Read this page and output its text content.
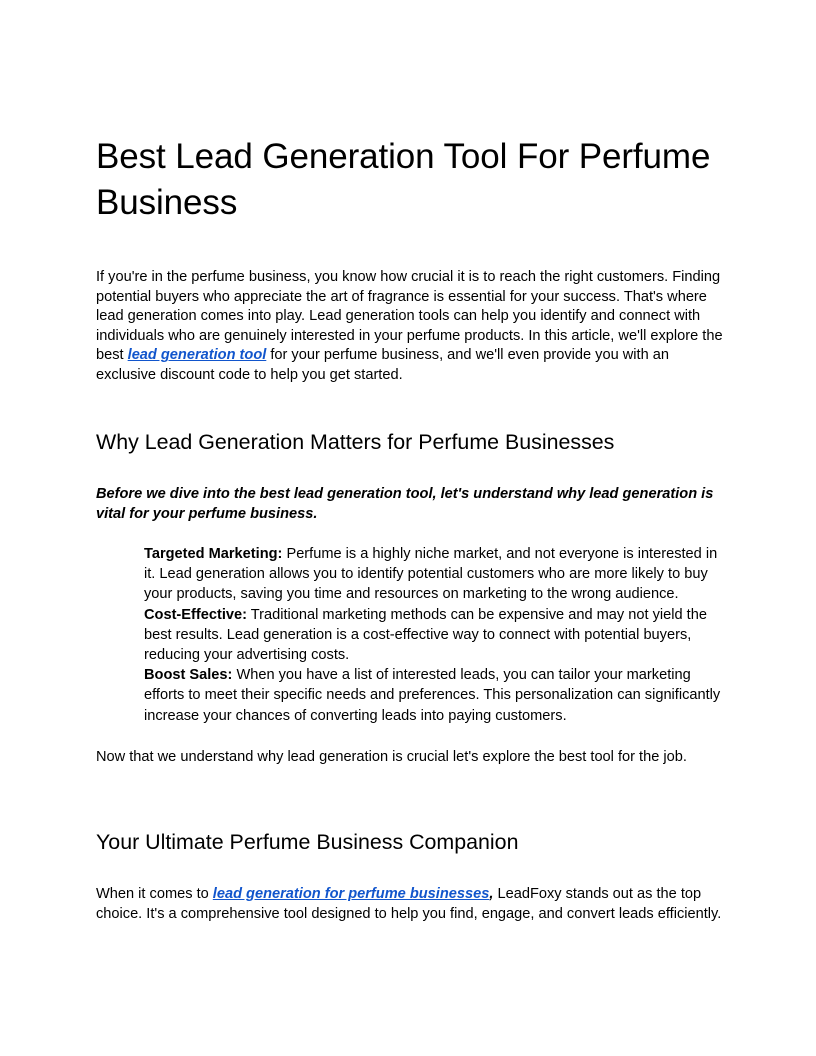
Best Lead Generation Tool For Perfume Business

If you're in the perfume business, you know how crucial it is to reach the right customers. Finding potential buyers who appreciate the art of fragrance is essential for your success. That's where lead generation comes into play. Lead generation tools can help you identify and connect with individuals who are genuinely interested in your perfume products. In this article, we'll explore the best lead generation tool for your perfume business, and we'll even provide you with an exclusive discount code to help you get started.

Why Lead Generation Matters for Perfume Businesses

Before we dive into the best lead generation tool, let's understand why lead generation is vital for your perfume business.

Targeted Marketing: Perfume is a highly niche market, and not everyone is interested in it. Lead generation allows you to identify potential customers who are more likely to buy your products, saving you time and resources on marketing to the wrong audience.
Cost-Effective: Traditional marketing methods can be expensive and may not yield the best results. Lead generation is a cost-effective way to connect with potential buyers, reducing your advertising costs.
Boost Sales: When you have a list of interested leads, you can tailor your marketing efforts to meet their specific needs and preferences. This personalization can significantly increase your chances of converting leads into paying customers.

Now that we understand why lead generation is crucial let's explore the best tool for the job.

Your Ultimate Perfume Business Companion

When it comes to lead generation for perfume businesses, LeadFoxy stands out as the top choice. It's a comprehensive tool designed to help you find, engage, and convert leads efficiently.
